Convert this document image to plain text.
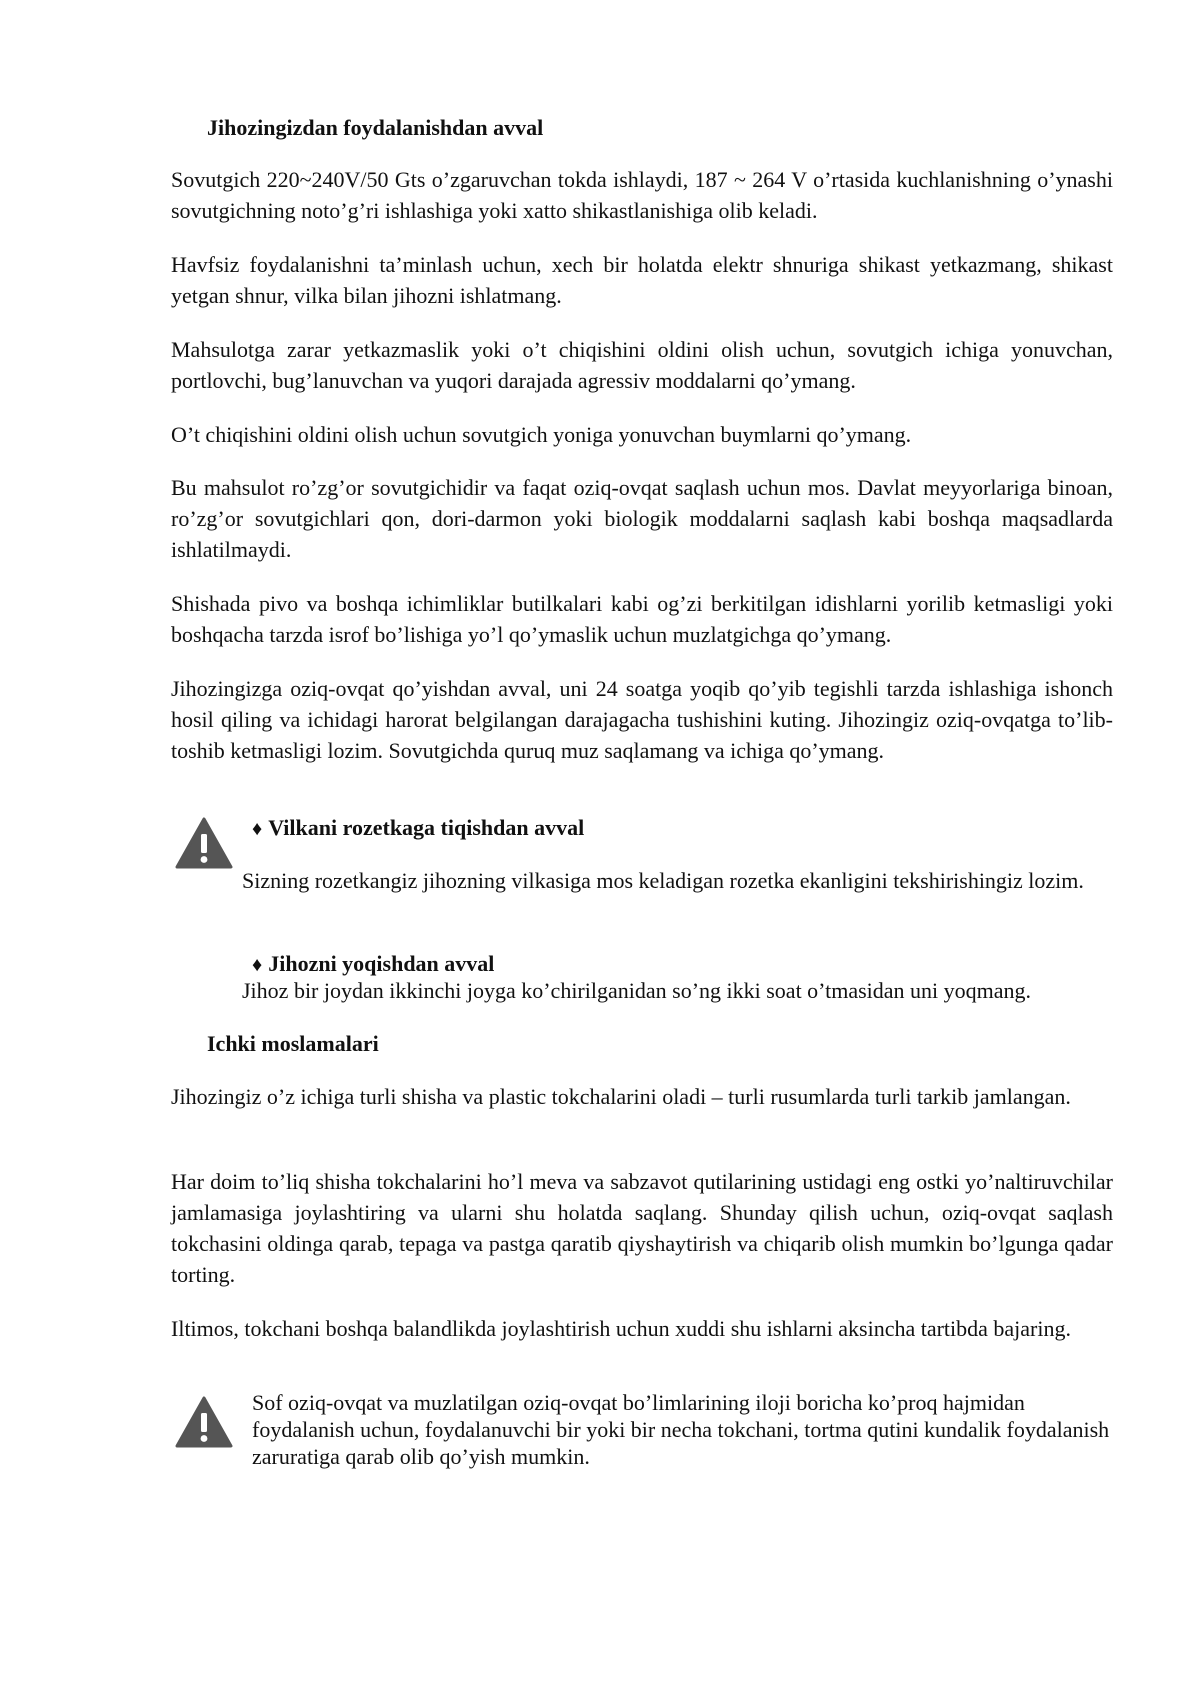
Jihozingizdan foydalanishdan avval

Sovutgich 220~240V/50 Gts o’zgaruvchan tokda ishlaydi, 187 ~ 264 V o’rtasida kuchlanishning o’ynashi sovutgichning noto’g’ri ishlashiga yoki xatto shikastlanishiga olib keladi.

Havfsiz foydalanishni ta’minlash uchun, xech bir holatda elektr shnuriga shikast yetkazmang, shikast yetgan shnur, vilka bilan jihozni ishlatmang.

Mahsulotga zarar yetkazmaslik yoki o’t chiqishini oldini olish uchun, sovutgich ichiga yonuvchan, portlovchi, bug’lanuvchan va yuqori darajada agressiv moddalarni qo’ymang.

O’t chiqishini oldini olish uchun sovutgich yoniga yonuvchan buymlarni qo’ymang.

Bu mahsulot ro’zg’or sovutgichidir va faqat oziq-ovqat saqlash uchun mos. Davlat meyyorlariga binoan, ro’zg’or sovutgichlari qon, dori-darmon yoki biologik moddalarni saqlash kabi boshqa maqsadlarda ishlatilmaydi.

Shishada pivo va boshqa ichimliklar butilkalari kabi og’zi berkitilgan idishlarni yorilib ketmasligi yoki boshqacha tarzda isrof bo’lishiga yo’l qo’ymaslik uchun muzlatgichga qo’ymang.

Jihozingizga oziq-ovqat qo’yishdan avval, uni 24 soatga yoqib qo’yib tegishli tarzda ishlashiga ishonch hosil qiling va ichidagi harorat belgilangan darajagacha tushishini kuting. Jihozingiz oziq-ovqatga to’lib-toshib ketmasligi lozim. Sovutgichda quruq muz saqlamang va ichiga qo’ymang.

♦ Vilkani rozetkaga tiqishdan avval

Sizning rozetkangiz jihozning vilkasiga mos keladigan rozetka ekanligini tekshirishingiz lozim.

♦ Jihozni yoqishdan avval

Jihoz bir joydan ikkinchi joyga ko’chirilganidan so’ng ikki soat o’tmasidan uni yoqmang.

Ichki moslamalari

Jihozingiz o’z ichiga turli shisha va plastic tokchalarini oladi – turli rusumlarda turli tarkib jamlangan.

Har doim to’liq shisha tokchalarini ho’l meva va sabzavot qutilarining ustidagi eng ostki yo’naltiruvchilar jamlamasiga joylashtiring va ularni shu holatda saqlang. Shunday qilish uchun, oziq-ovqat saqlash tokchasini oldinga qarab, tepaga va pastga qaratib qiyshaytirish va chiqarib olish mumkin bo’lgunga qadar torting.

Iltimos, tokchani boshqa balandlikda joylashtirish uchun xuddi shu ishlarni aksincha tartibda bajaring.

Sof oziq-ovqat va muzlatilgan oziq-ovqat bo’limlarining iloji boricha ko’proq hajmidan foydalanish uchun, foydalanuvchi bir yoki bir necha tokchani, tortma qutini kundalik foydalanish zaruratiga qarab olib qo’yish mumkin.
